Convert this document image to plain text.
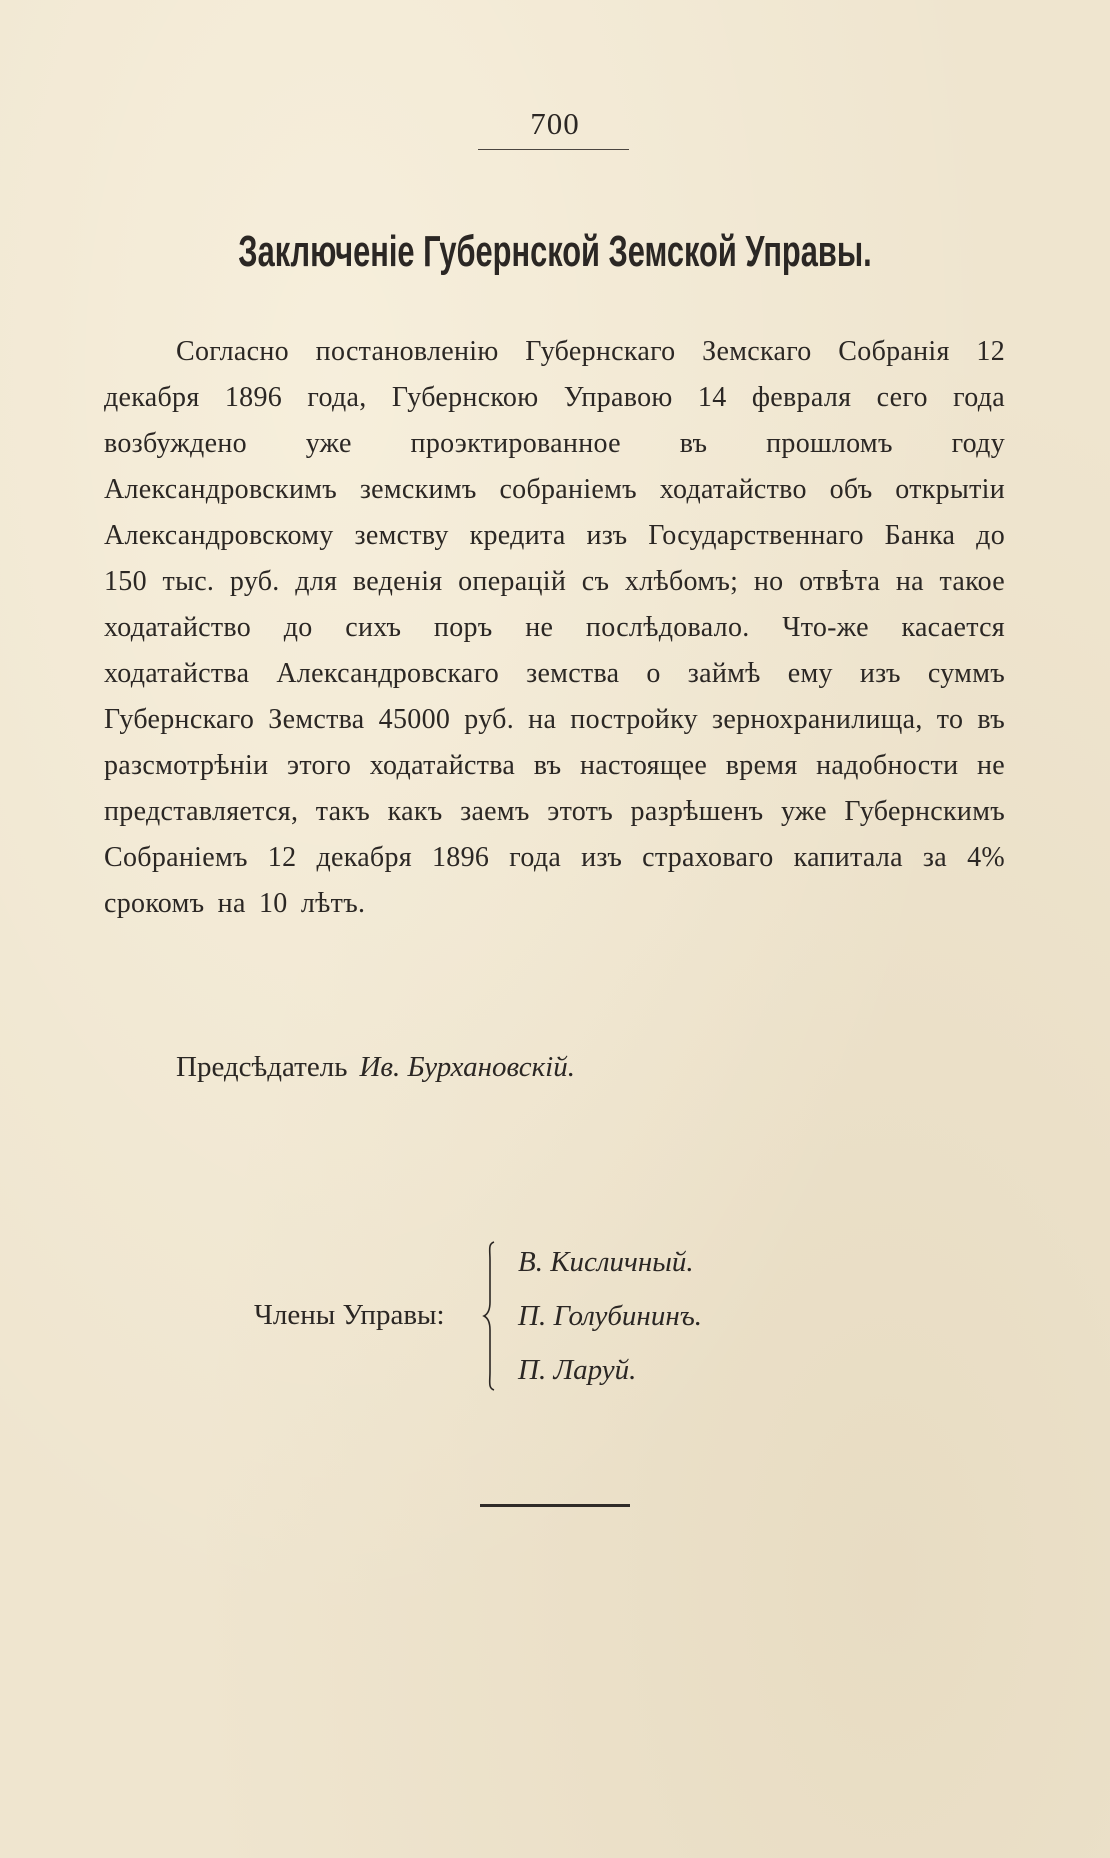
700
Заключенiе Губернской Земской Управы.
Согласно постановленiю Губернскаго Земскаго Собранiя 12 декабря 1896 года, Губернскою Управою 14 февраля сего года возбуждено уже проэктированное въ прошломъ году Александровскимъ земскимъ собранiемъ ходатайство объ открытiи Александровскому земству кредита изъ Государственнаго Банка до 150 тыс. руб. для веденiя операцiй съ хлѣбомъ; но отвѣта на такое ходатайство до сихъ поръ не послѣдовало. Что-же касается ходатайства Александровскаго земства о займѣ ему изъ суммъ Губернскаго Земства 45000 руб. на постройку зернохранилища, то въ разсмотрѣнiи этого ходатайства въ настоящее время надобности не представляется, такъ какъ заемъ этотъ разрѣшенъ уже Губернскимъ Собранiемъ 12 декабря 1896 года изъ страховаго капитала за 4% срокомъ на 10 лѣтъ.
Предсѣдатель Ив. Бурхановскiй.
Члены Управы:
В. Кисличный.
П. Голубининъ.
П. Ларуй.
